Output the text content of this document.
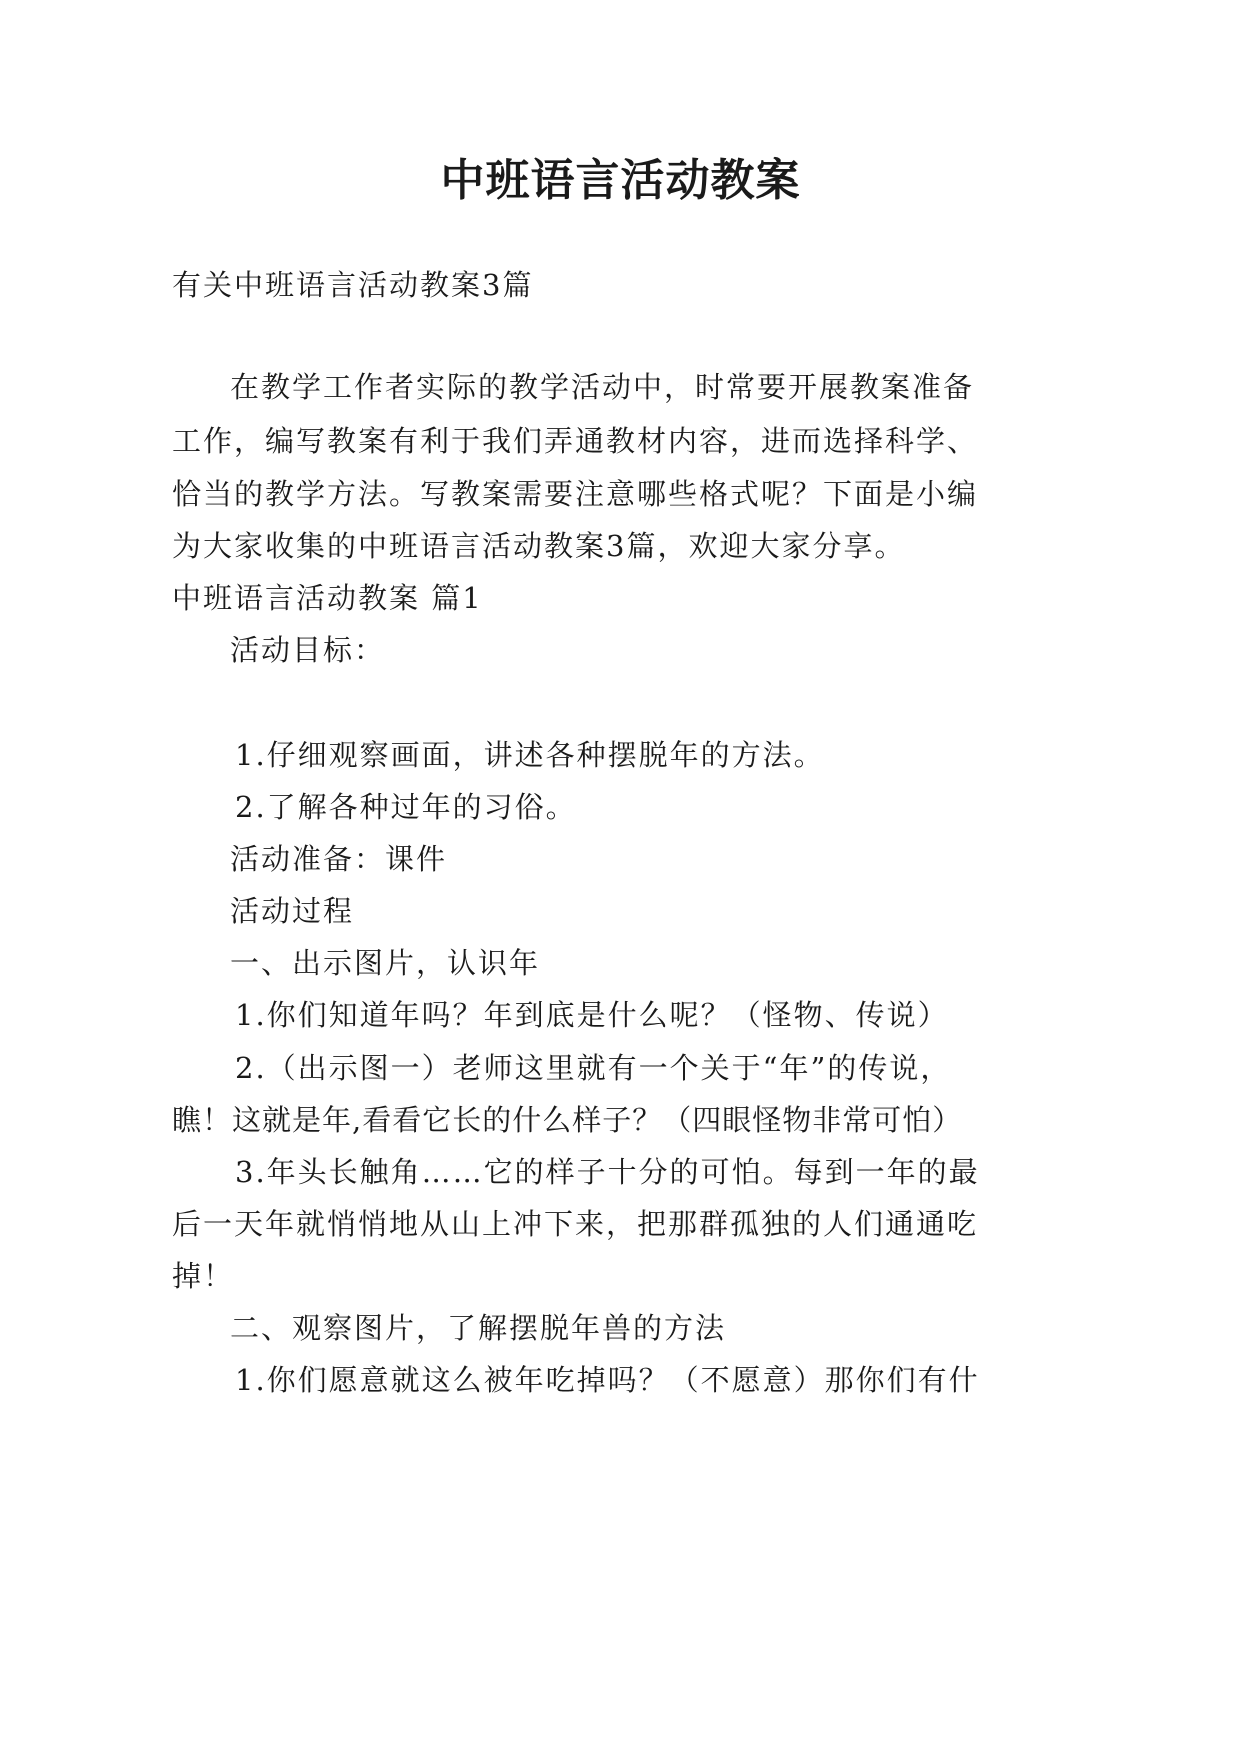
中班语言活动教案
有关中班语言活动教案3篇
在教学工作者实际的教学活动中，时常要开展教案准备
工作，编写教案有利于我们弄通教材内容，进而选择科学、
恰当的教学方法。写教案需要注意哪些格式呢？下面是小编
为大家收集的中班语言活动教案3篇，欢迎大家分享。
中班语言活动教案 篇1
活动目标：
1.仔细观察画面，讲述各种摆脱年的方法。
2.了解各种过年的习俗。
活动准备：课件
活动过程
一、出示图片，认识年
1.你们知道年吗？年到底是什么呢？（怪物、传说）
2.（出示图一）老师这里就有一个关于“年”的传说，
瞧！这就是年,看看它长的什么样子？（四眼怪物非常可怕）
3.年头长触角……它的样子十分的可怕。每到一年的最
后一天年就悄悄地从山上冲下来，把那群孤独的人们通通吃
掉！
二、观察图片，了解摆脱年兽的方法
1.你们愿意就这么被年吃掉吗？（不愿意）那你们有什
